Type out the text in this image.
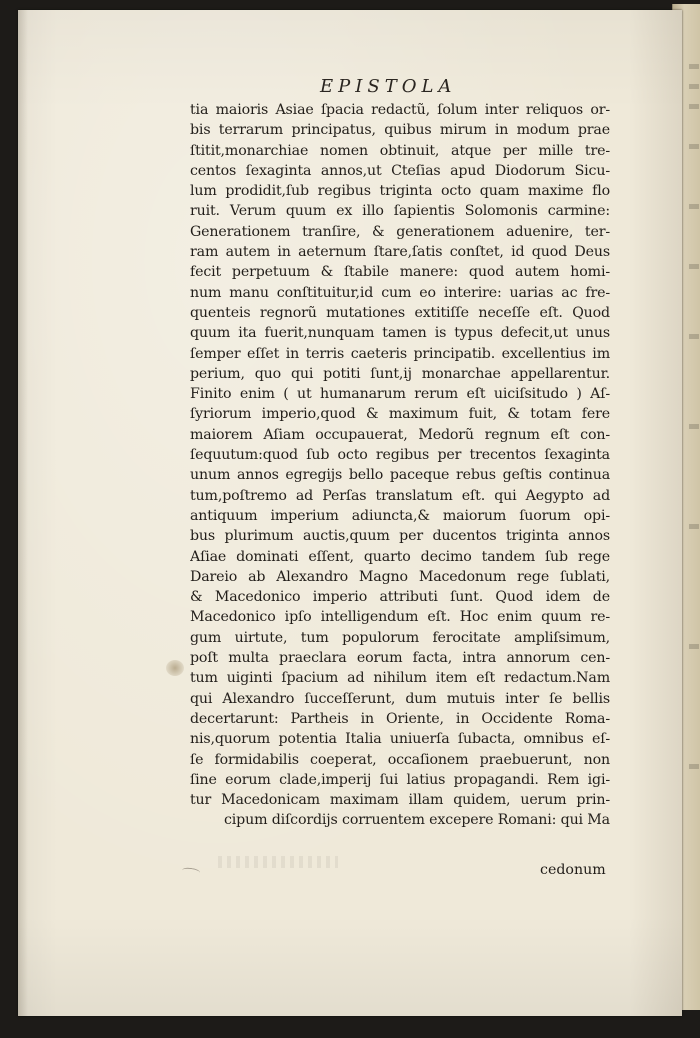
EPISTOLA
tia maioris Asiae ſpacia redactũ, ſolum inter reliquos or-
bis terrarum principatus, quibus mirum in modum prae
ſtitit,monarchiae nomen obtinuit, atque per mille tre-
centos ſexaginta annos,ut Cteſias apud Diodorum Sicu-
lum prodidit,ſub regibus triginta octo quam maxime flo
ruit. Verum quum ex illo ſapientis Solomonis carmine:
Generationem tranſire, & generationem aduenire, ter-
ram autem in aeternum ſtare,ſatis conſtet, id quod Deus
fecit perpetuum & ſtabile manere: quod autem homi-
num manu conſtituitur,id cum eo interire: uarias ac fre-
quenteis regnorũ mutationes extitiſſe neceſſe eſt. Quod
quum ita fuerit,nunquam tamen is typus defecit,ut unus
ſemper eſſet in terris caeteris principatib. excellentius im
perium, quo qui potiti ſunt,ij monarchae appellarentur.
Finito enim ( ut humanarum rerum eſt uiciſsitudo ) Aſ-
ſyriorum imperio,quod & maximum fuit, & totam fere
maiorem Aſiam occupauerat, Medorũ regnum eſt con-
ſequutum:quod ſub octo regibus per trecentos ſexaginta
unum annos egregijs bello paceque rebus geſtis continua
tum,poſtremo ad Perſas translatum eſt. qui Aegypto ad
antiquum imperium adiuncta,& maiorum ſuorum opi-
bus plurimum auctis,quum per ducentos triginta annos
Aſiae dominati eſſent, quarto decimo tandem ſub rege
Dareio ab Alexandro Magno Macedonum rege ſublati,
& Macedonico imperio attributi ſunt. Quod idem de
Macedonico ipſo intelligendum eſt. Hoc enim quum re-
gum uirtute, tum populorum ferocitate ampliſsimum,
poſt multa praeclara eorum facta, intra annorum cen-
tum uiginti ſpacium ad nihilum item eſt redactum.Nam
qui Alexandro ſucceſſerunt, dum mutuis inter ſe bellis
decertarunt: Partheis in Oriente, in Occidente Roma-
nis,quorum potentia Italia uniuerſa ſubacta, omnibus eſ-
ſe formidabilis coeperat, occaſionem praebuerunt, non
ſine eorum clade,imperij ſui latius propagandi. Rem igi-
tur Macedonicam maximam illam quidem, uerum prin-
cipum diſcordijs corruentem excepere Romani: qui Ma
cedonum
